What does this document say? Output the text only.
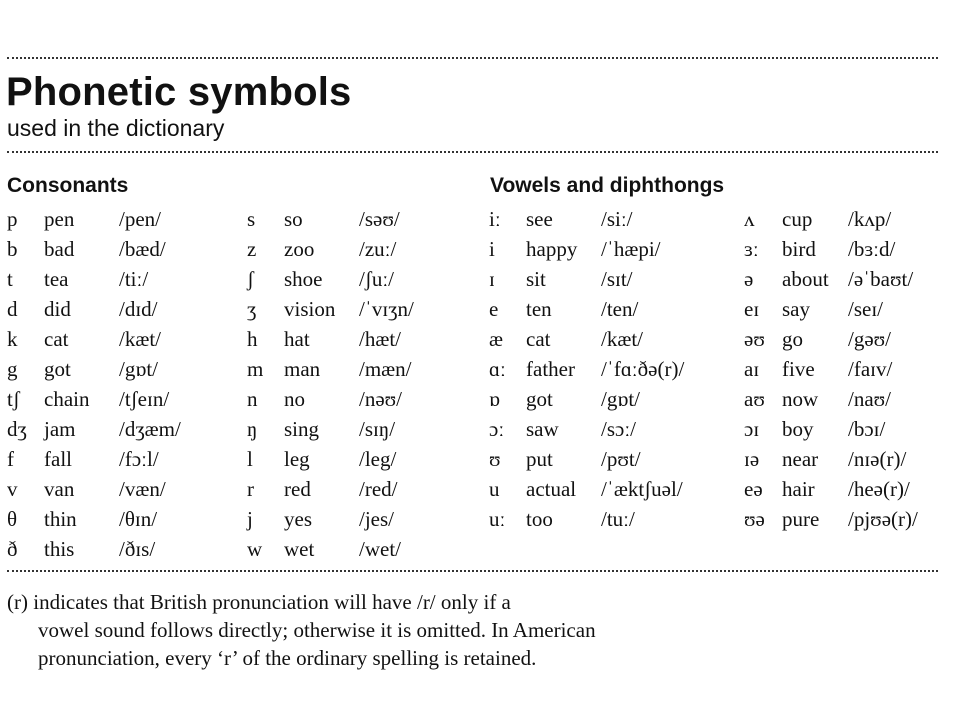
Phonetic symbols
used in the dictionary
Consonants	Vowels and diphthongs
p pen /pen/
b bad /bæd/
t tea /tiː/
d did /dɪd/
k cat /kæt/
g got /gɒt/
tʃ chain /tʃeɪn/
dʒ jam /dʒæm/
f fall /fɔːl/
v van /væn/
θ thin /θɪn/
ð this /ðɪs/
s so	/səʊ/
z zoo /zuː/
ʃ shoe /ʃuː/
ʒ vision /ˈvɪʒn/
h hat /hæt/
m man /mæn/
n no	/nəʊ/
ŋ sing /sɪŋ/
l leg /leg/
r red /red/
j yes /jes/
w wet /wet/
iː see /siː/
i happy /ˈhæpi/
ɪ sit	/sɪt/
e ten /ten/
æ cat /kæt/
ɑː father /ˈfɑːðə(r)/
ɒ got /gɒt/
ɔː saw /sɔː/
ʊ put /pʊt/
u actual /ˈæktʃuəl/
uː too /tuː/
ʌ cup /kʌp/
ɜː bird /bɜːd/
ə about /əˈbaʊt/
eɪ say /seɪ/
əʊ go /gəʊ/
aɪ five /faɪv/
aʊ now /naʊ/
ɔɪ boy /bɔɪ/
ɪə near /nɪə(r)/
eə hair /heə(r)/
ʊə pure /pjʊə(r)/
(r) indicates that British pronunciation will have /r/ only if a
vowel sound follows directly; otherwise it is omitted. In American
pronunciation, every ‘r’ of the ordinary spelling is retained.
